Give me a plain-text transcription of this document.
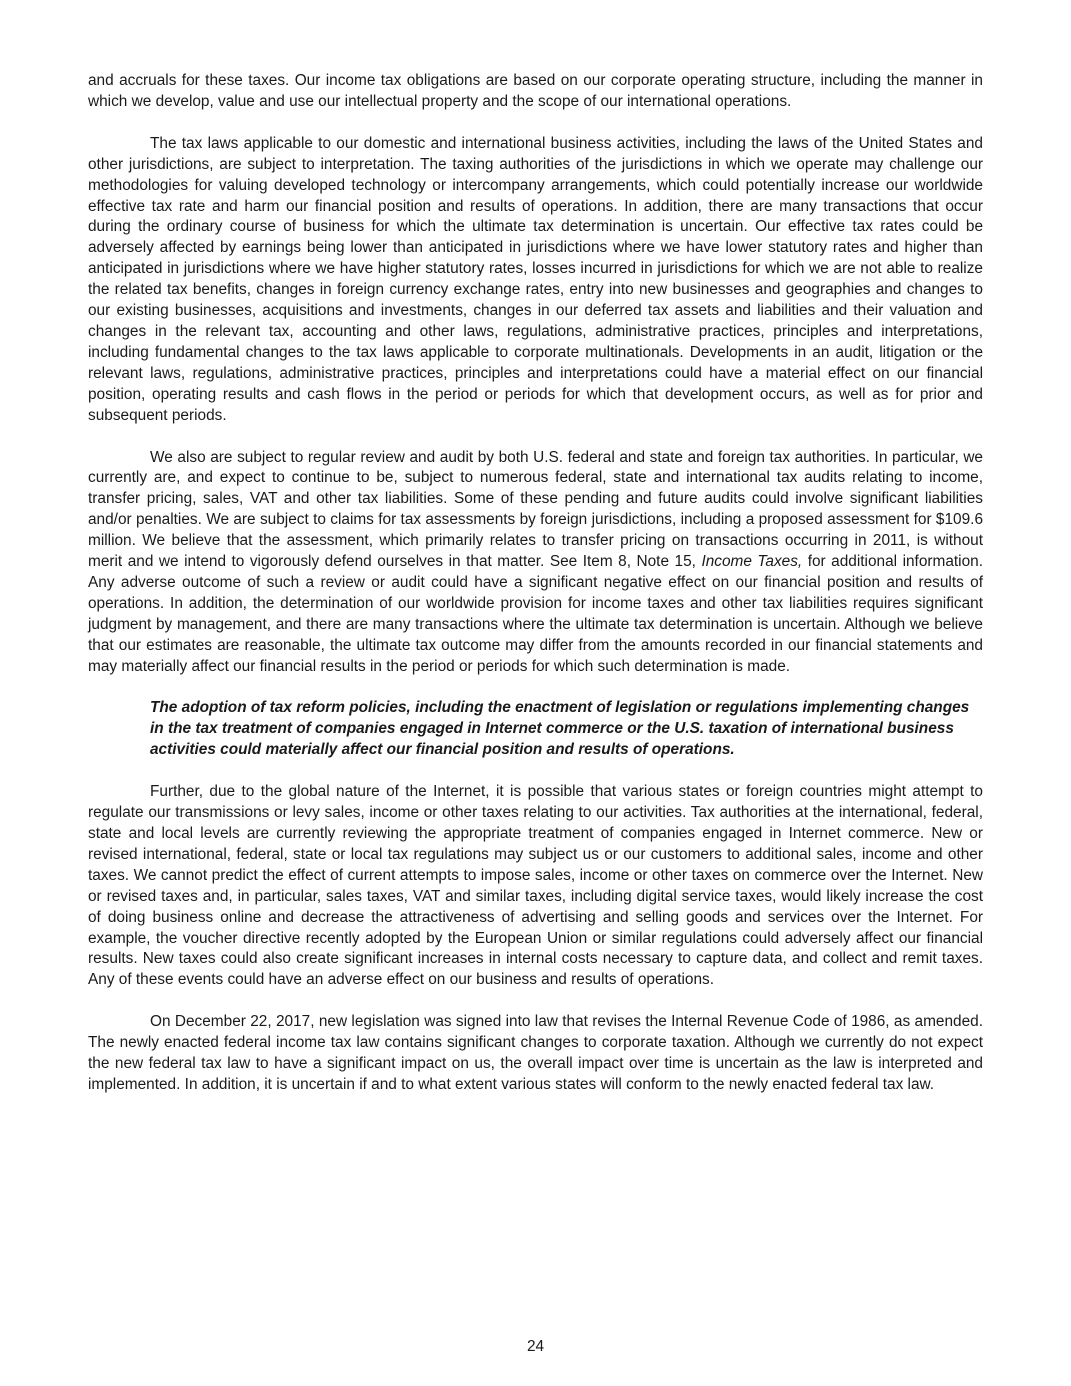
and accruals for these taxes. Our income tax obligations are based on our corporate operating structure, including the manner in which we develop, value and use our intellectual property and the scope of our international operations.

The tax laws applicable to our domestic and international business activities, including the laws of the United States and other jurisdictions, are subject to interpretation. The taxing authorities of the jurisdictions in which we operate may challenge our methodologies for valuing developed technology or intercompany arrangements, which could potentially increase our worldwide effective tax rate and harm our financial position and results of operations. In addition, there are many transactions that occur during the ordinary course of business for which the ultimate tax determination is uncertain. Our effective tax rates could be adversely affected by earnings being lower than anticipated in jurisdictions where we have lower statutory rates and higher than anticipated in jurisdictions where we have higher statutory rates, losses incurred in jurisdictions for which we are not able to realize the related tax benefits, changes in foreign currency exchange rates, entry into new businesses and geographies and changes to our existing businesses, acquisitions and investments, changes in our deferred tax assets and liabilities and their valuation and changes in the relevant tax, accounting and other laws, regulations, administrative practices, principles and interpretations, including fundamental changes to the tax laws applicable to corporate multinationals. Developments in an audit, litigation or the relevant laws, regulations, administrative practices, principles and interpretations could have a material effect on our financial position, operating results and cash flows in the period or periods for which that development occurs, as well as for prior and subsequent periods.

We also are subject to regular review and audit by both U.S. federal and state and foreign tax authorities. In particular, we currently are, and expect to continue to be, subject to numerous federal, state and international tax audits relating to income, transfer pricing, sales, VAT and other tax liabilities. Some of these pending and future audits could involve significant liabilities and/or penalties. We are subject to claims for tax assessments by foreign jurisdictions, including a proposed assessment for $109.6 million. We believe that the assessment, which primarily relates to transfer pricing on transactions occurring in 2011, is without merit and we intend to vigorously defend ourselves in that matter. See Item 8, Note 15, Income Taxes, for additional information. Any adverse outcome of such a review or audit could have a significant negative effect on our financial position and results of operations. In addition, the determination of our worldwide provision for income taxes and other tax liabilities requires significant judgment by management, and there are many transactions where the ultimate tax determination is uncertain. Although we believe that our estimates are reasonable, the ultimate tax outcome may differ from the amounts recorded in our financial statements and may materially affect our financial results in the period or periods for which such determination is made.

The adoption of tax reform policies, including the enactment of legislation or regulations implementing changes in the tax treatment of companies engaged in Internet commerce or the U.S. taxation of international business activities could materially affect our financial position and results of operations.

Further, due to the global nature of the Internet, it is possible that various states or foreign countries might attempt to regulate our transmissions or levy sales, income or other taxes relating to our activities. Tax authorities at the international, federal, state and local levels are currently reviewing the appropriate treatment of companies engaged in Internet commerce. New or revised international, federal, state or local tax regulations may subject us or our customers to additional sales, income and other taxes. We cannot predict the effect of current attempts to impose sales, income or other taxes on commerce over the Internet. New or revised taxes and, in particular, sales taxes, VAT and similar taxes, including digital service taxes, would likely increase the cost of doing business online and decrease the attractiveness of advertising and selling goods and services over the Internet. For example, the voucher directive recently adopted by the European Union or similar regulations could adversely affect our financial results. New taxes could also create significant increases in internal costs necessary to capture data, and collect and remit taxes. Any of these events could have an adverse effect on our business and results of operations.

On December 22, 2017, new legislation was signed into law that revises the Internal Revenue Code of 1986, as amended. The newly enacted federal income tax law contains significant changes to corporate taxation. Although we currently do not expect the new federal tax law to have a significant impact on us, the overall impact over time is uncertain as the law is interpreted and implemented. In addition, it is uncertain if and to what extent various states will conform to the newly enacted federal tax law.

24
